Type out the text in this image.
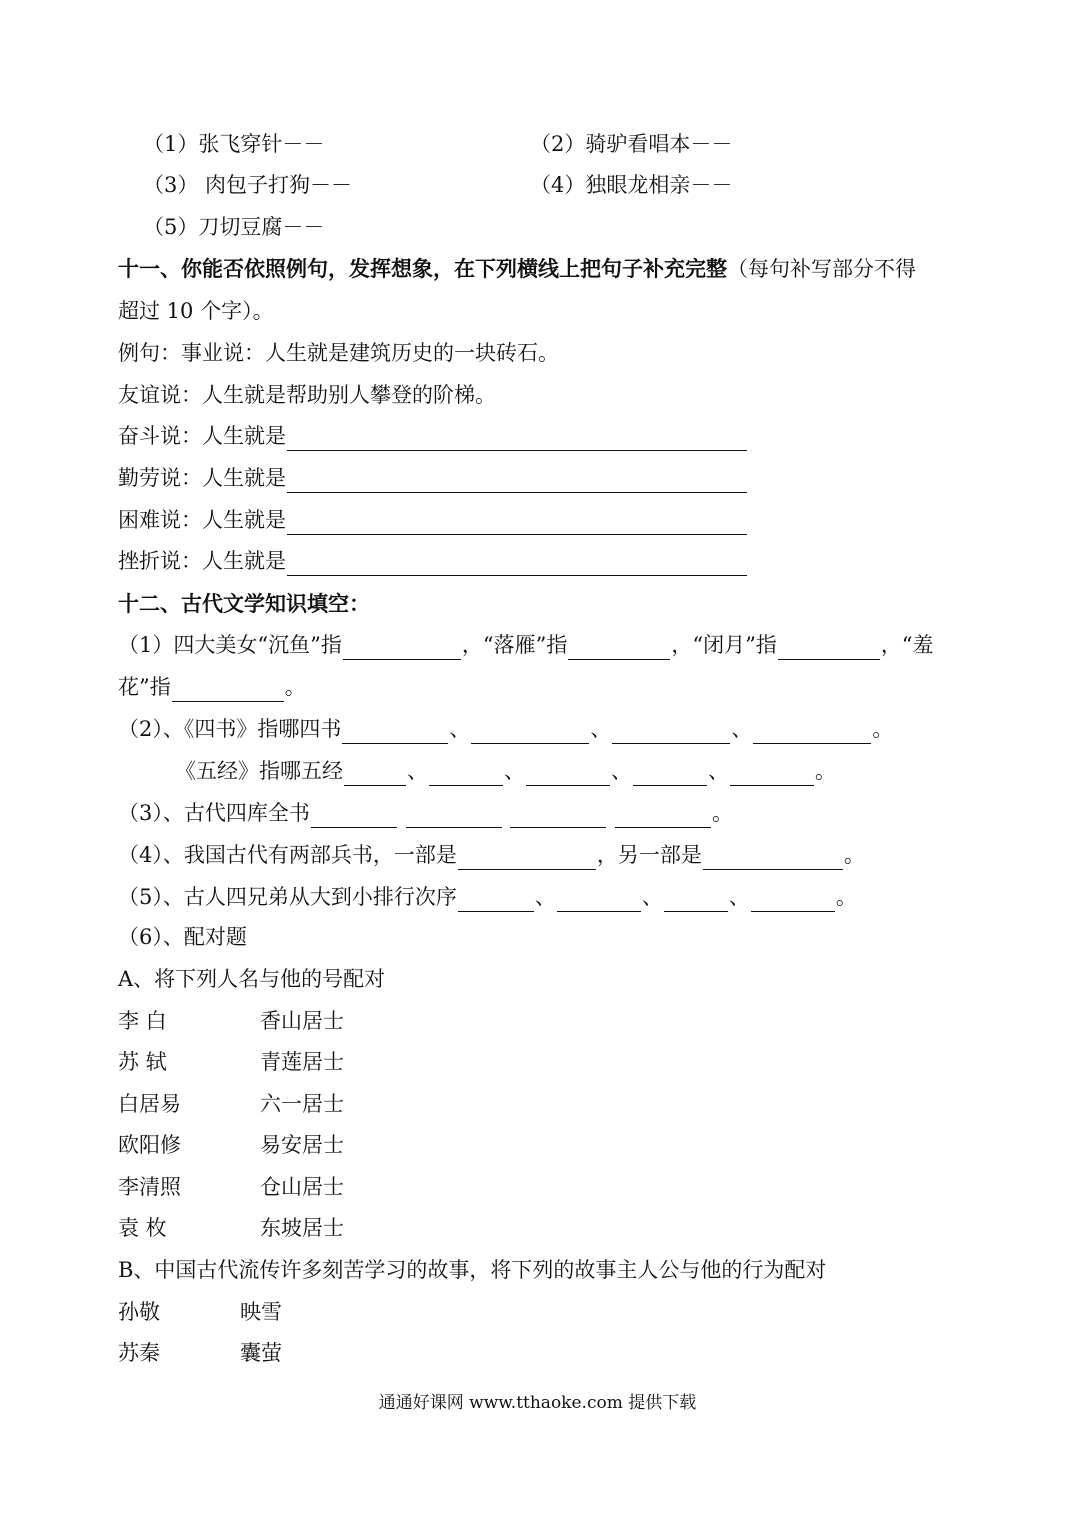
（1）张飞穿针－－	（2）骑驴看唱本－－
（3） 肉包子打狗－－	（4）独眼龙相亲－－
（5）刀切豆腐－－
十一、你能否依照例句，发挥想象，在下列横线上把句子补充完整（每句补写部分不得
超过 10 个字）。
例句：事业说：人生就是建筑历史的一块砖石。
友谊说：人生就是帮助别人攀登的阶梯。
奋斗说：人生就是
勤劳说：人生就是
困难说：人生就是
挫折说：人生就是
十二、古代文学知识填空：
（1）四大美女“沉鱼”指	，“落雁”指	，“闭月”指	，“羞
花”指	。
（2）、《四书》指哪四书	、	、	、	。
《五经》指哪五经	、	、	、	、	。
（3）、古代四库全书	。
（4）、我国古代有两部兵书，一部是	，另一部是	。
（5）、古人四兄弟从大到小排行次序	、	、	、	。
（6）、配对题
A、将下列人名与他的号配对
李 白	香山居士
苏 轼	青莲居士
白居易	六一居士
欧阳修	易安居士
李清照	仓山居士
袁 枚	东坡居士
B、中国古代流传许多刻苦学习的故事，将下列的故事主人公与他的行为配对
孙敬	映雪
苏秦	囊萤
通通好课网 www.tthaoke.com 提供下载
